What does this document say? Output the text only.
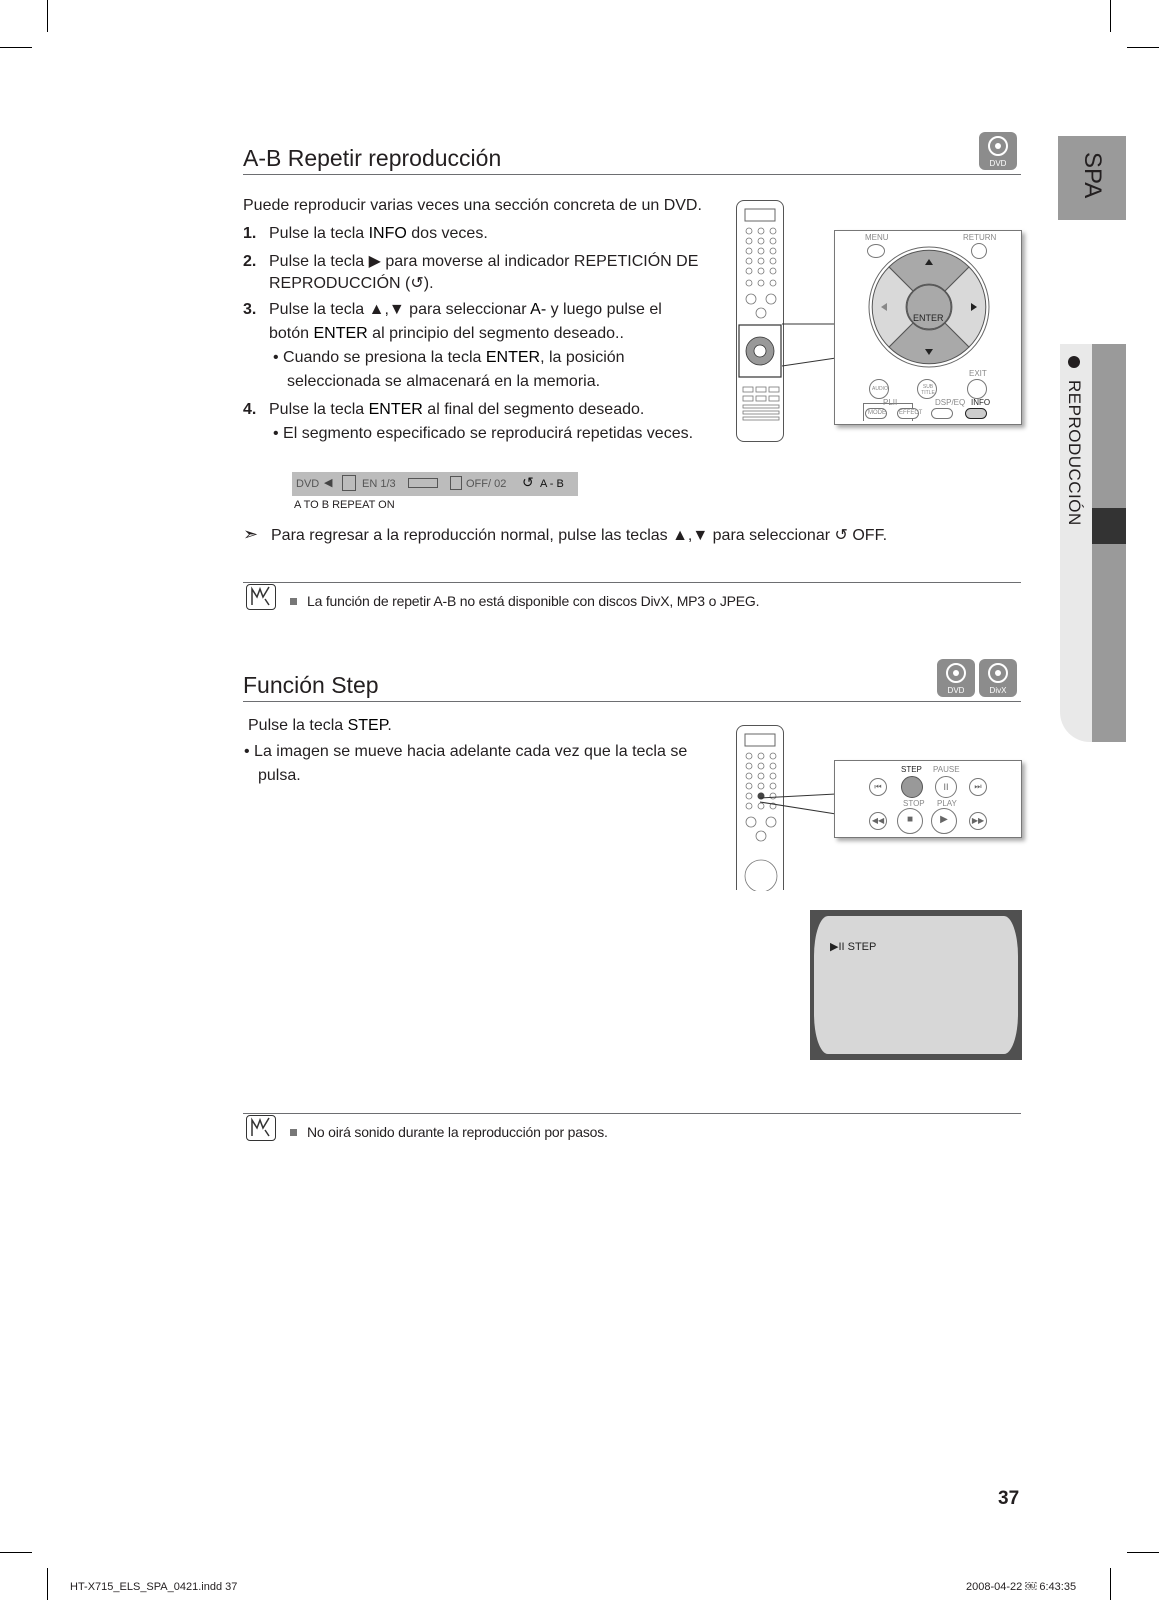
SPA
REPRODUCCIÓN
A-B Repetir reproducción	DVD
Puede reproducir varias veces una sección concreta de un DVD.
1. Pulse la tecla INFO dos veces.
2. Pulse la tecla ▶ para moverse al indicador REPETICIÓN DE
REPRODUCCIÓN (↺).
3. Pulse la tecla ▲,▼ para seleccionar A- y luego pulse el
botón ENTER al principio del segmento deseado..
• Cuando se presiona la tecla ENTER, la posición
seleccionada se almacenará en la memoria.
4. Pulse la tecla ENTER al final del segmento deseado.
• El segmento especificado se reproducirá repetidas veces.
MENU	RETURN
ENTER
EXIT
AUDIO	SUB TITLE
PLII	DSP/EQ INFO
MODE EFFECT
DVD ◀	EN 1/3	OFF/ 02 ↺ A - B
A TO B REPEAT ON
➣ Para regresar a la reproducción normal, pulse las teclas ▲,▼ para seleccionar ↺ OFF.
La función de repetir A-B no está disponible con discos DivX, MP3 o JPEG.
Función Step	DVD	DivX
Pulse la tecla STEP.
• La imagen se mueve hacia adelante cada vez que la tecla se
pulsa.	STEP PAUSE
STOP PLAY
⏮	II	⏭
◀◀	■	▶	▶▶
▶II STEP
No oirá sonido durante la reproducción por pasos.
37
HT-X715_ELS_SPA_0421.indd 37	2008-04-22 ￼ 6:43:35
